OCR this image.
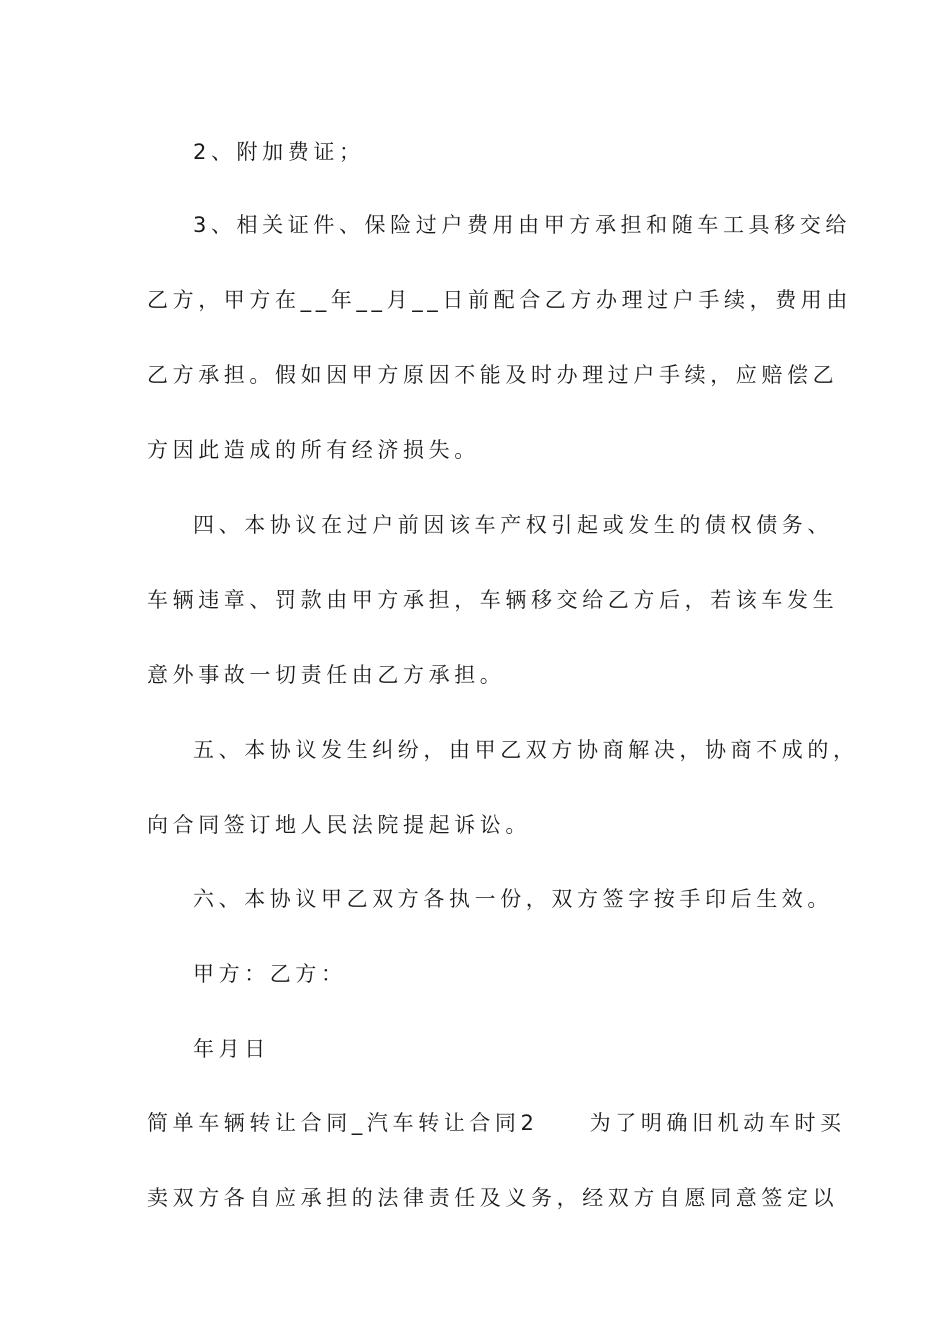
2、附加费证；
3、相关证件、保险过户费用由甲方承担和随车工具移交给
乙方，甲方在__年__月__日前配合乙方办理过户手续，费用由
乙方承担。假如因甲方原因不能及时办理过户手续，应赔偿乙
方因此造成的所有经济损失。
四、本协议在过户前因该车产权引起或发生的债权债务、
车辆违章、罚款由甲方承担，车辆移交给乙方后，若该车发生
意外事故一切责任由乙方承担。
五、本协议发生纠纷，由甲乙双方协商解决，协商不成的，
向合同签订地人民法院提起诉讼。
六、本协议甲乙双方各执一份，双方签字按手印后生效。
甲方：乙方：
年月日
简单车辆转让合同_汽车转让合同2　　为了明确旧机动车时买
卖双方各自应承担的法律责任及义务，经双方自愿同意签定以
